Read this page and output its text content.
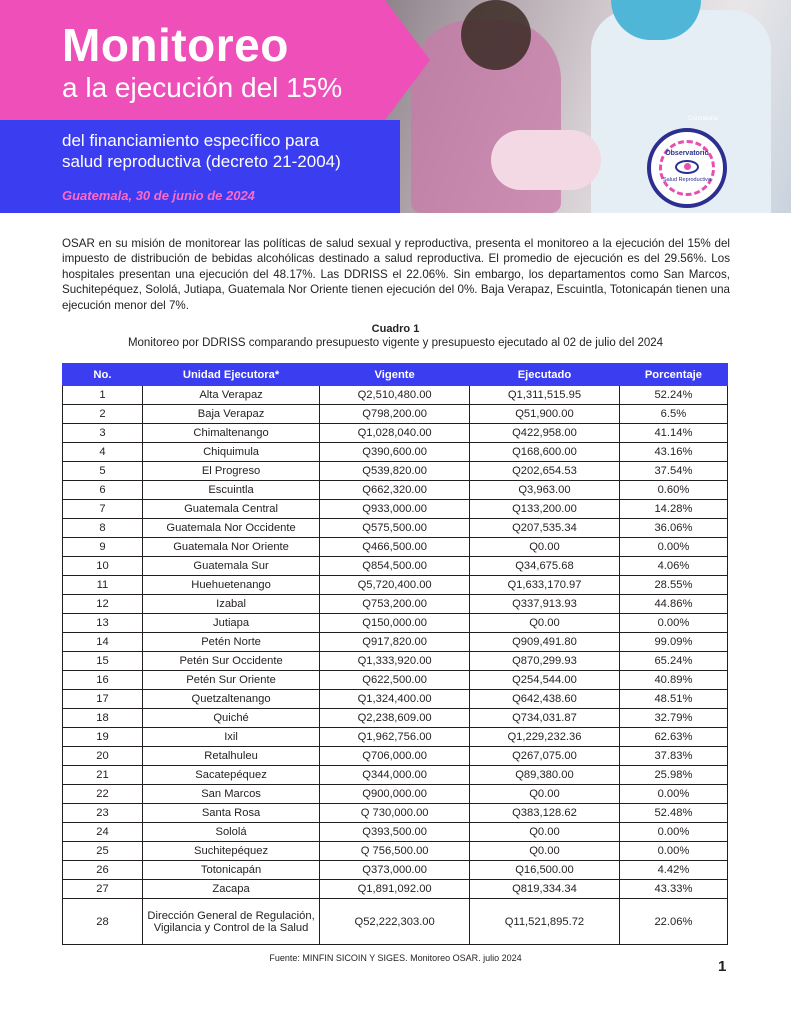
Monitoreo
a la ejecución del 15%
del financiamiento específico para
salud reproductiva (decreto 21-2004)
Guatemala, 30 de junio de 2024
Contraloría
Observatorio
Salud Reproductiva
OSAR en su misión de monitorear las políticas de salud sexual y reproductiva, presenta el monitoreo a la ejecución del 15% del impuesto de distribución de bebidas alcohólicas destinado a salud reproductiva. El promedio de ejecución es del 29.56%. Los hospitales presentan una ejecución del 48.17%. Las DDRISS el 22.06%. Sin embargo, los departamentos como San Marcos, Suchitepéquez, Sololá, Jutiapa, Guatemala Nor Oriente tienen ejecución del 0%. Baja Verapaz, Escuintla, Totonicapán tienen una ejecución menor del 7%.
Cuadro 1
Monitoreo por DDRISS comparando presupuesto vigente y presupuesto ejecutado al 02 de julio del 2024
No.	Unidad Ejecutora*	Vigente	Ejecutado	Porcentaje
1	Alta Verapaz	Q2,510,480.00	Q1,311,515.95	52.24%
2	Baja Verapaz	Q798,200.00	Q51,900.00	6.5%
3	Chimaltenango	Q1,028,040.00	Q422,958.00	41.14%
4	Chiquimula	Q390,600.00	Q168,600.00	43.16%
5	El Progreso	Q539,820.00	Q202,654.53	37.54%
6	Escuintla	Q662,320.00	Q3,963.00	0.60%
7	Guatemala Central	Q933,000.00	Q133,200.00	14.28%
8	Guatemala Nor Occidente	Q575,500.00	Q207,535.34	36.06%
9	Guatemala Nor Oriente	Q466,500.00	Q0.00	0.00%
10	Guatemala Sur	Q854,500.00	Q34,675.68	4.06%
11	Huehuetenango	Q5,720,400.00	Q1,633,170.97	28.55%
12	Izabal	Q753,200.00	Q337,913.93	44.86%
13	Jutiapa	Q150,000.00	Q0.00	0.00%
14	Petén Norte	Q917,820.00	Q909,491.80	99.09%
15	Petén Sur Occidente	Q1,333,920.00	Q870,299.93	65.24%
16	Petén Sur Oriente	Q622,500.00	Q254,544.00	40.89%
17	Quetzaltenango	Q1,324,400.00	Q642,438.60	48.51%
18	Quiché	Q2,238,609.00	Q734,031.87	32.79%
19	Ixil	Q1,962,756.00	Q1,229,232.36	62.63%
20	Retalhuleu	Q706,000.00	Q267,075.00	37.83%
21	Sacatepéquez	Q344,000.00	Q89,380.00	25.98%
22	San Marcos	Q900,000.00	Q0.00	0.00%
23	Santa Rosa	Q 730,000.00	Q383,128.62	52.48%
24	Sololá	Q393,500.00	Q0.00	0.00%
25	Suchitepéquez	Q 756,500.00	Q0.00	0.00%
26	Totonicapán	Q373,000.00	Q16,500.00	4.42%
27	Zacapa	Q1,891,092.00	Q819,334.34	43.33%
28	Dirección General de Regulación, Vigilancia y Control de la Salud	Q52,222,303.00	Q11,521,895.72	22.06%
Fuente: MINFIN SICOIN Y SIGES. Monitoreo OSAR. julio 2024	1
